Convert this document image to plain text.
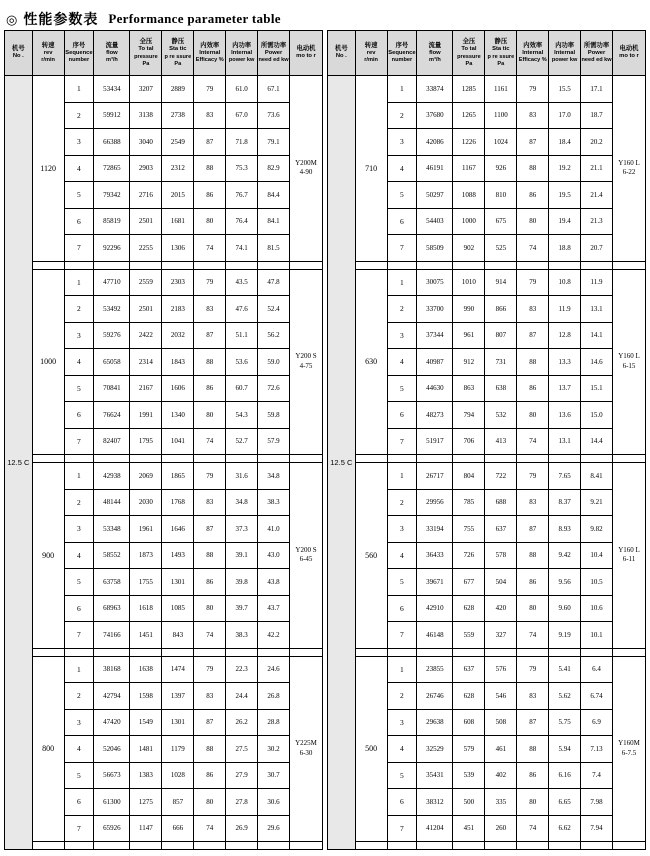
◎ 性能参数表 Performance parameter table
机号
No .	转速
rev
r/min	序号
Sequence
number	流量
flow
m³/h	全压
To tal
pressure Pa	静压
Sta tic
p re ssure Pa	内效率
Internal
Efficacy %	内功率
Internal
power kw	所需功率
Power
need ed kw	电动机
mo to r

12.5 C	1120	1	53434	3207	2889	79	61.0	67.1	Y200M
4-90
		2	59912	3138	2738	83	67.0	73.6	
		3	66388	3040	2549	87	71.8	79.1	
		4	72865	2903	2312	88	75.3	82.9	
		5	79342	2716	2015	86	76.7	84.4	
		6	85819	2501	1681	80	76.4	84.1	
		7	92296	2255	1306	74	74.1	81.5	

	1000	1	47710	2559	2303	79	43.5	47.8	Y200 S
4-75
		2	53492	2501	2183	83	47.6	52.4	
		3	59276	2422	2032	87	51.1	56.2	
		4	65058	2314	1843	88	53.6	59.0	
		5	70841	2167	1606	86	60.7	72.6	
		6	76624	1991	1340	80	54.3	59.8	
		7	82407	1795	1041	74	52.7	57.9	

	900	1	42938	2069	1865	79	31.6	34.8	Y200 S
6-45
		2	48144	2030	1768	83	34.8	38.3	
		3	53348	1961	1646	87	37.3	41.0	
		4	58552	1873	1493	88	39.1	43.0	
		5	63758	1755	1301	86	39.8	43.8	
		6	68963	1618	1085	80	39.7	43.7	
		7	74166	1451	843	74	38.3	42.2	

	800	1	38168	1638	1474	79	22.3	24.6	Y225M
6-30
		2	42794	1598	1397	83	24.4	26.8	
		3	47420	1549	1301	87	26.2	28.8	
		4	52046	1481	1179	88	27.5	30.2	
		5	56673	1383	1028	86	27.9	30.7	
		6	61300	1275	857	80	27.8	30.6	
		7	65926	1147	666	74	26.9	29.6	

机号
No .	转速
rev
r/min	序号
Sequence
number	流量
flow
m³/h	全压
To tal
pressure Pa	静压
Sta tic
p re ssure Pa	内效率
Internal
Efficacy %	内功率
Internal
power kw	所需功率
Power
need ed kw	电动机
mo to r

12.5 C	710	1	33874	1285	1161	79	15.5	17.1	Y160 L
6-22
		2	37680	1265	1100	83	17.0	18.7	
		3	42086	1226	1024	87	18.4	20.2	
		4	46191	1167	926	88	19.2	21.1	
		5	50297	1088	810	86	19.5	21.4	
		6	54403	1000	675	80	19.4	21.3	
		7	58509	902	525	74	18.8	20.7	

	630	1	30075	1010	914	79	10.8	11.9	Y160 L
6-15
		2	33700	990	866	83	11.9	13.1	
		3	37344	961	807	87	12.8	14.1	
		4	40987	912	731	88	13.3	14.6	
		5	44630	863	638	86	13.7	15.1	
		6	48273	794	532	80	13.6	15.0	
		7	51917	706	413	74	13.1	14.4	

	560	1	26717	804	722	79	7.65	8.41	Y160 L
6-11
		2	29956	785	688	83	8.37	9.21	
		3	33194	755	637	87	8.93	9.82	
		4	36433	726	578	88	9.42	10.4	
		5	39671	677	504	86	9.56	10.5	
		6	42910	628	420	80	9.60	10.6	
		7	46148	559	327	74	9.19	10.1	

	500	1	23855	637	576	79	5.41	6.4	Y160M
6-7.5
		2	26746	628	546	83	5.62	6.74	
		3	29638	608	508	87	5.75	6.9	
		4	32529	579	461	88	5.94	7.13	
		5	35431	539	402	86	6.16	7.4	
		6	38312	500	335	80	6.65	7.98	
		7	41204	451	260	74	6.62	7.94	
